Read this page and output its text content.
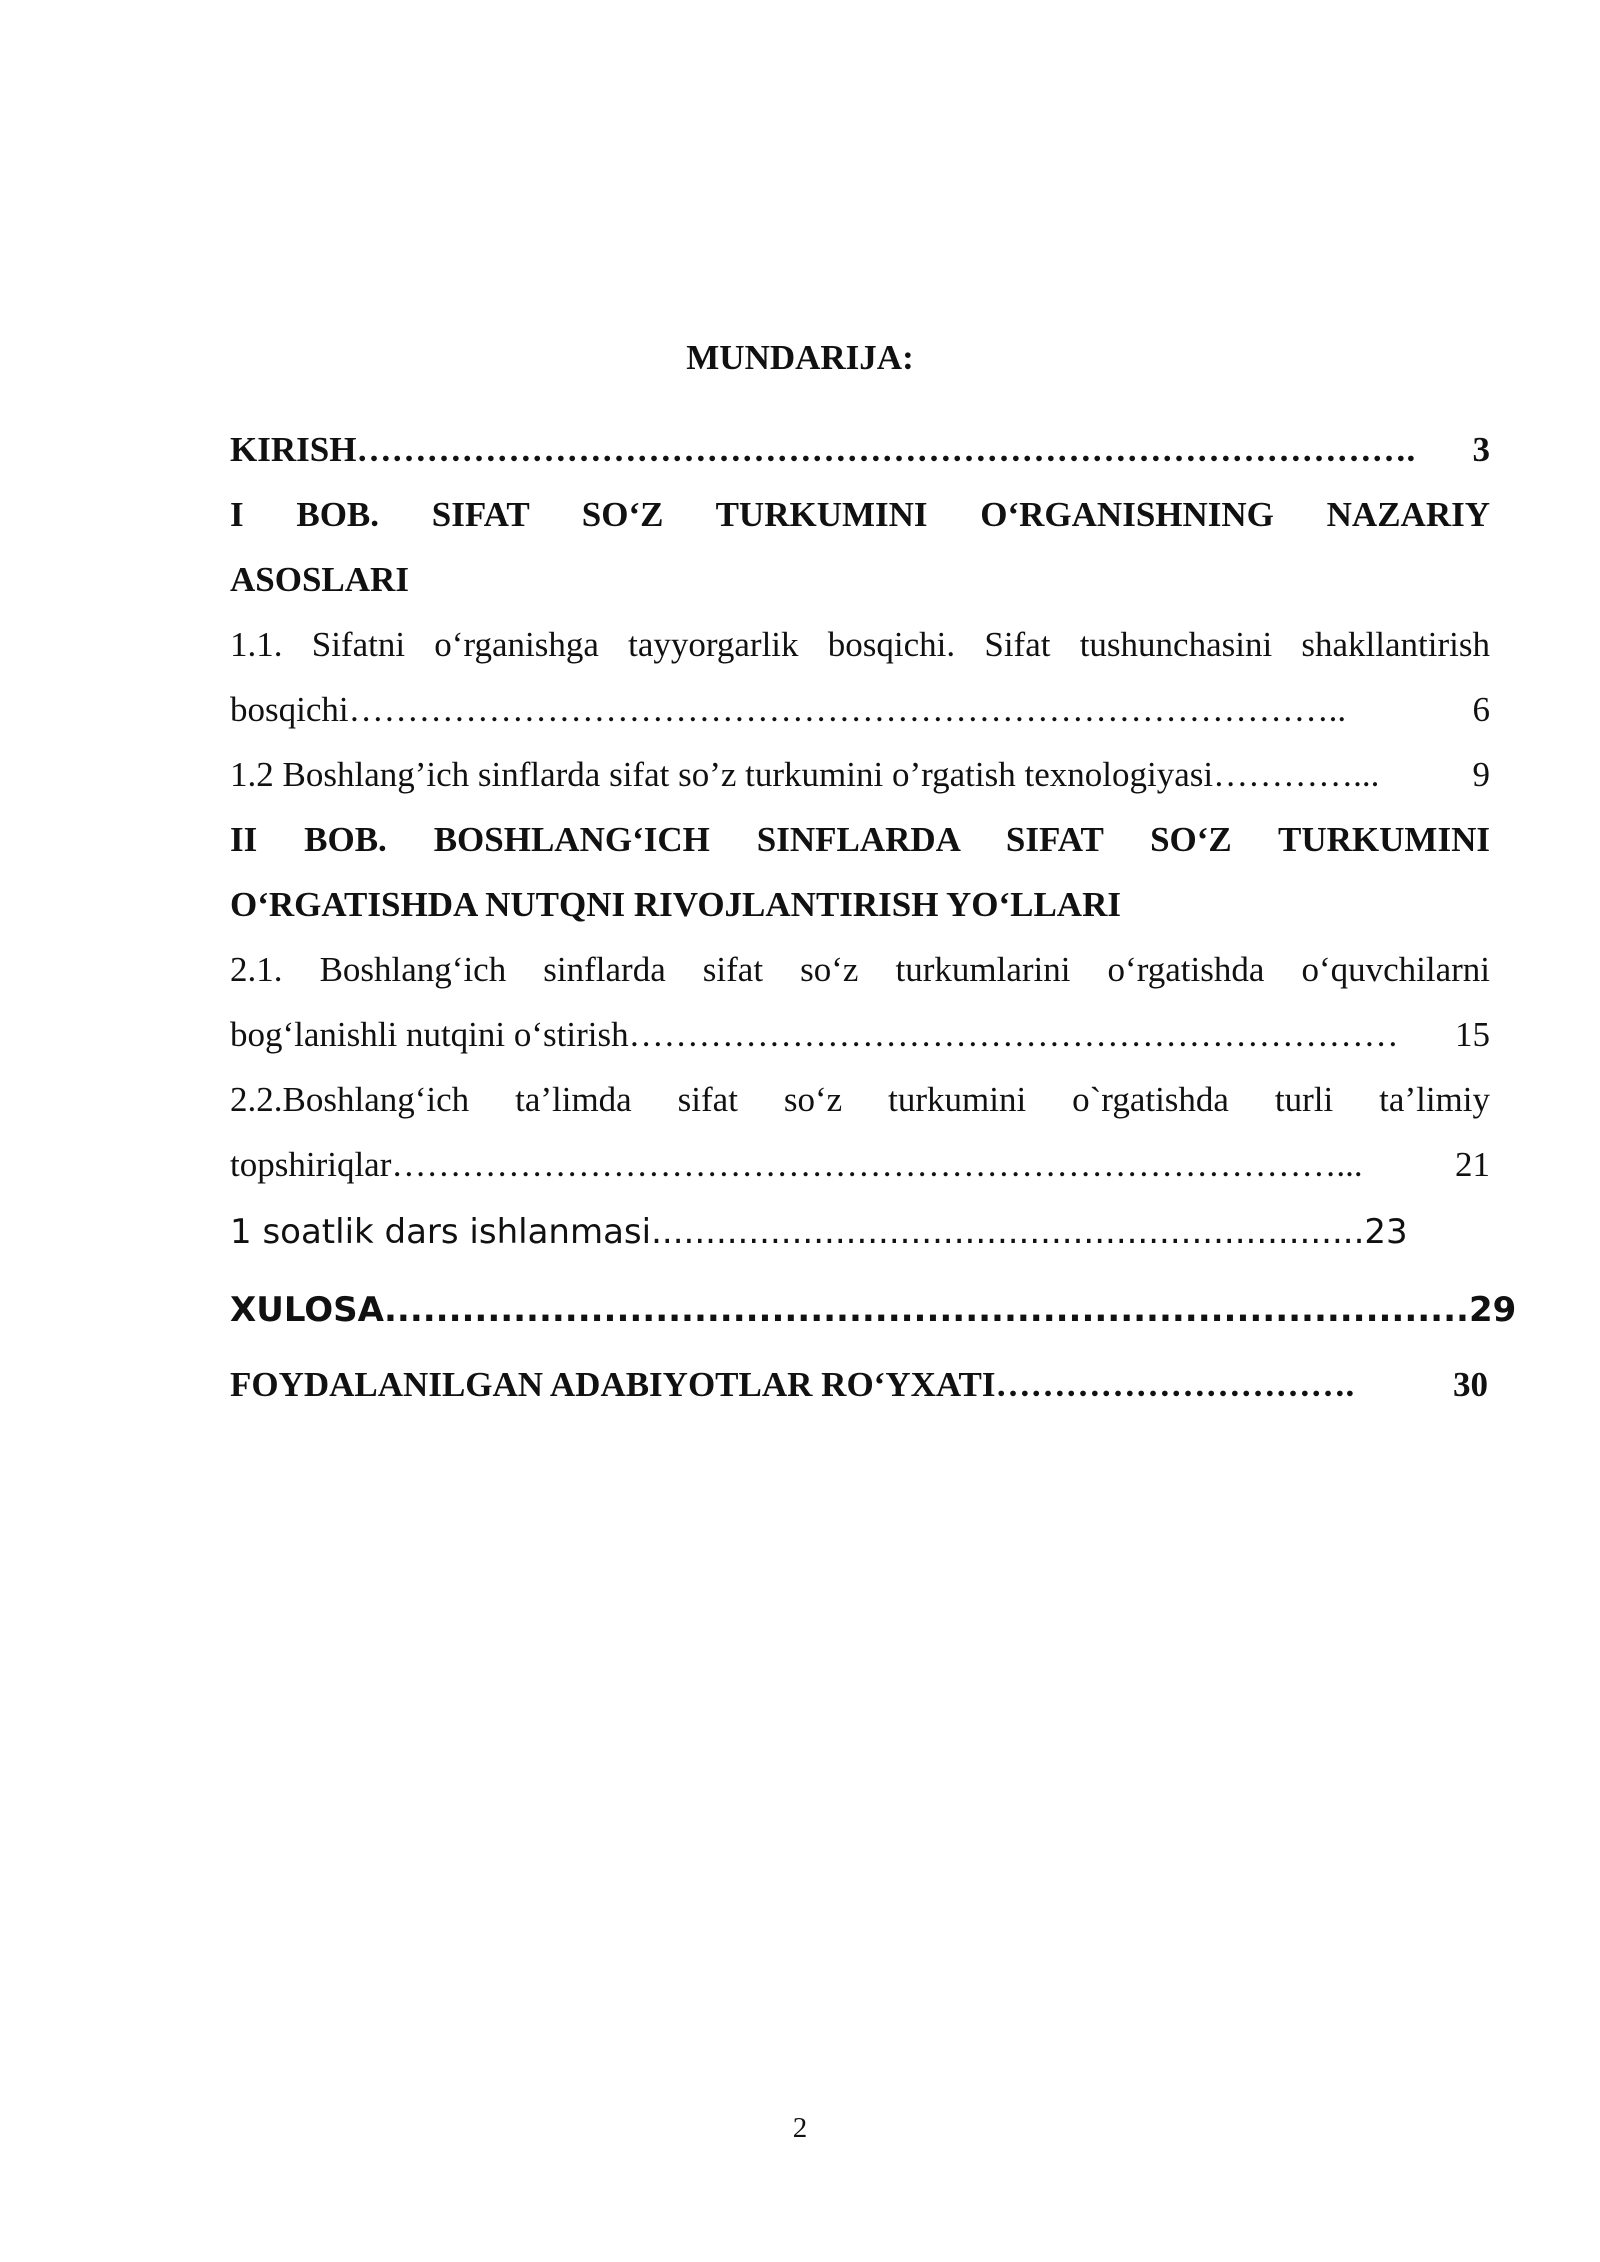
MUNDARIJA:
KIRISH ……………………………………………………………………………….	3
I BOB. SIFAT SO‘Z TURKUMINI O‘RGANISHNING NAZARIY
ASOSLARI
1.1. Sifatni o‘rganishga tayyorgarlik bosqichi. Sifat tushunchasini shakllantirish
bosqichi …………………………………………………………………………..	6
1.2 Boshlang’ich sinflarda sifat so’z turkumini o’rgatish texnologiyasi …………...	9
II BOB. BOSHLANG‘ICH SINFLARDA SIFAT SO‘Z TURKUMINI
O‘RGATISHDA NUTQNI RIVOJLANTIRISH YO‘LLARI
2.1. Boshlang‘ich sinflarda sifat so‘z turkumlarini o‘rgatishda o‘quvchilarni
bog‘lanishli nutqini o‘stirish …………………………………………………………	15
2.2.Boshlang‘ich ta’limda sifat so‘z turkumini o`rgatishda turli ta’limiy
topshiriqlar ………………………………………………………………………...	21
1 soatlik dars ishlanmasi .................................................................. 23
XULOSA .................................................................................... 29
FOYDALANILGAN ADABIYOTLAR RO‘YXATI ………………………….	30
2
